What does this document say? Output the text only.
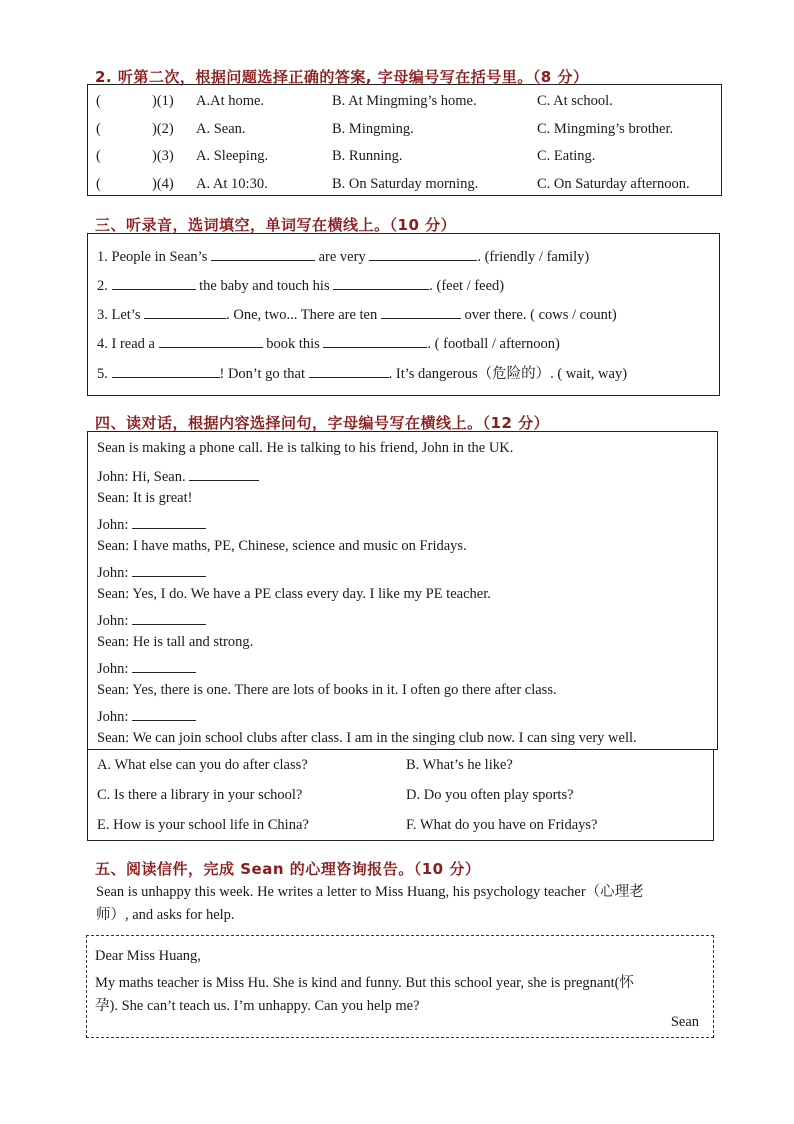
2. 听第二次，根据问题选择正确的答案, 字母编号写在括号里。（8 分）
(	)(1) A.At home.	B. At Mingming’s home.	C. At school.
(	)(2) A. Sean.	B. Mingming.	C. Mingming’s brother.
(	)(3) A. Sleeping.	B. Running.	C. Eating.
(	)(4) A. At 10:30.	B. On Saturday morning.	C. On Saturday afternoon.
三、听录音，选词填空，单词写在横线上。（10 分）
1. People in Sean’s	are very	. (friendly / family)
2.	the baby and touch his	. (feet / feed)
3. Let’s	. One, two... There are ten	over there. ( cows / count)
4. I read a	book this	. ( football / afternoon)
5.	! Don’t go that	. It’s dangerous（危险的）. ( wait, way)
四、读对话，根据内容选择问句，字母编号写在横线上。（12 分）
Sean is making a phone call. He is talking to his friend, John in the UK.
John: Hi, Sean.
Sean: It is great!
John:
Sean: I have maths, PE, Chinese, science and music on Fridays.
John:
Sean: Yes, I do. We have a PE class every day. I like my PE teacher.
John:
Sean: He is tall and strong.
John:
Sean: Yes, there is one. There are lots of books in it. I often go there after class.
John:
Sean: We can join school clubs after class. I am in the singing club now. I can sing very well.
A. What else can you do after class?	B. What’s he like?
C. Is there a library in your school?	D. Do you often play sports?
E. How is your school life in China?	F. What do you have on Fridays?
五、阅读信件，完成 Sean 的心理咨询报告。（10 分）
Sean is unhappy this week. He writes a letter to Miss Huang, his psychology teacher（心理老
师）, and asks for help.
Dear Miss Huang,
My maths teacher is Miss Hu. She is kind and funny. But this school year, she is pregnant(怀
孕). She can’t teach us. I’m unhappy. Can you help me?
Sean
